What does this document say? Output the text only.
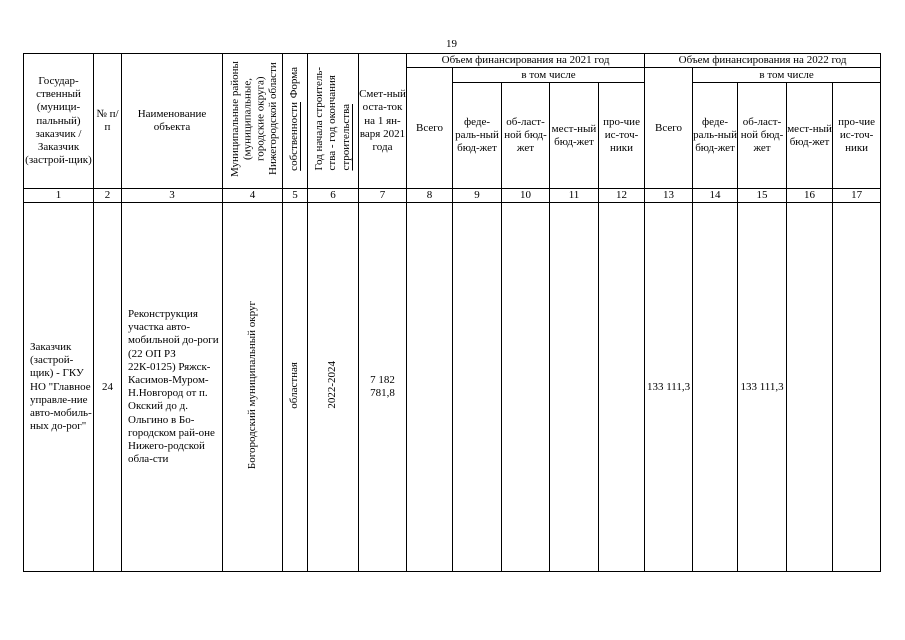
19
Государ-ственный (муници-пальный) заказчик / Заказчик (застрой-щик)	№ п/п	Наименование объекта	Муниципальные районы (муниципальные, городские округа) Нижегородской области	Формасобственности	Год начала строитель-ства - год окончаниястроительства	Смет-ный оста-ток на 1 ян-варя 2021 года	Объем финансирования на 2021 год					Объем финансирования на 2022 год				
							Всего	в том числе				Всего	в том числе			
								феде-раль-ный бюд-жет	об-ласт-ной бюд-жет	мест-ный бюд-жет	про-чие ис-точ-ники		феде-раль-ный бюд-жет	об-ласт-ной бюд-жет	мест-ный бюд-жет	про-чие ис-точ-ники
1	2	3	4	5	6	7	8	9	10	11	12	13	14	15	16	17
Заказчик (застрой-щик) - ГКУ НО "Главное управле-ние авто-мобиль-ных до-рог"	24	Реконструкция участка авто-мобильной до-роги (22 ОП РЗ 22К-0125) Ряжск-Касимов-Муром-Н.Новгород от п. Окский до д. Ольгино в Бо-городском рай-оне Нижего-родской обла-сти	Богородский муниципальный округ	областная	2022-2024	7 182 781,8						133 111,3		133 111,3		
